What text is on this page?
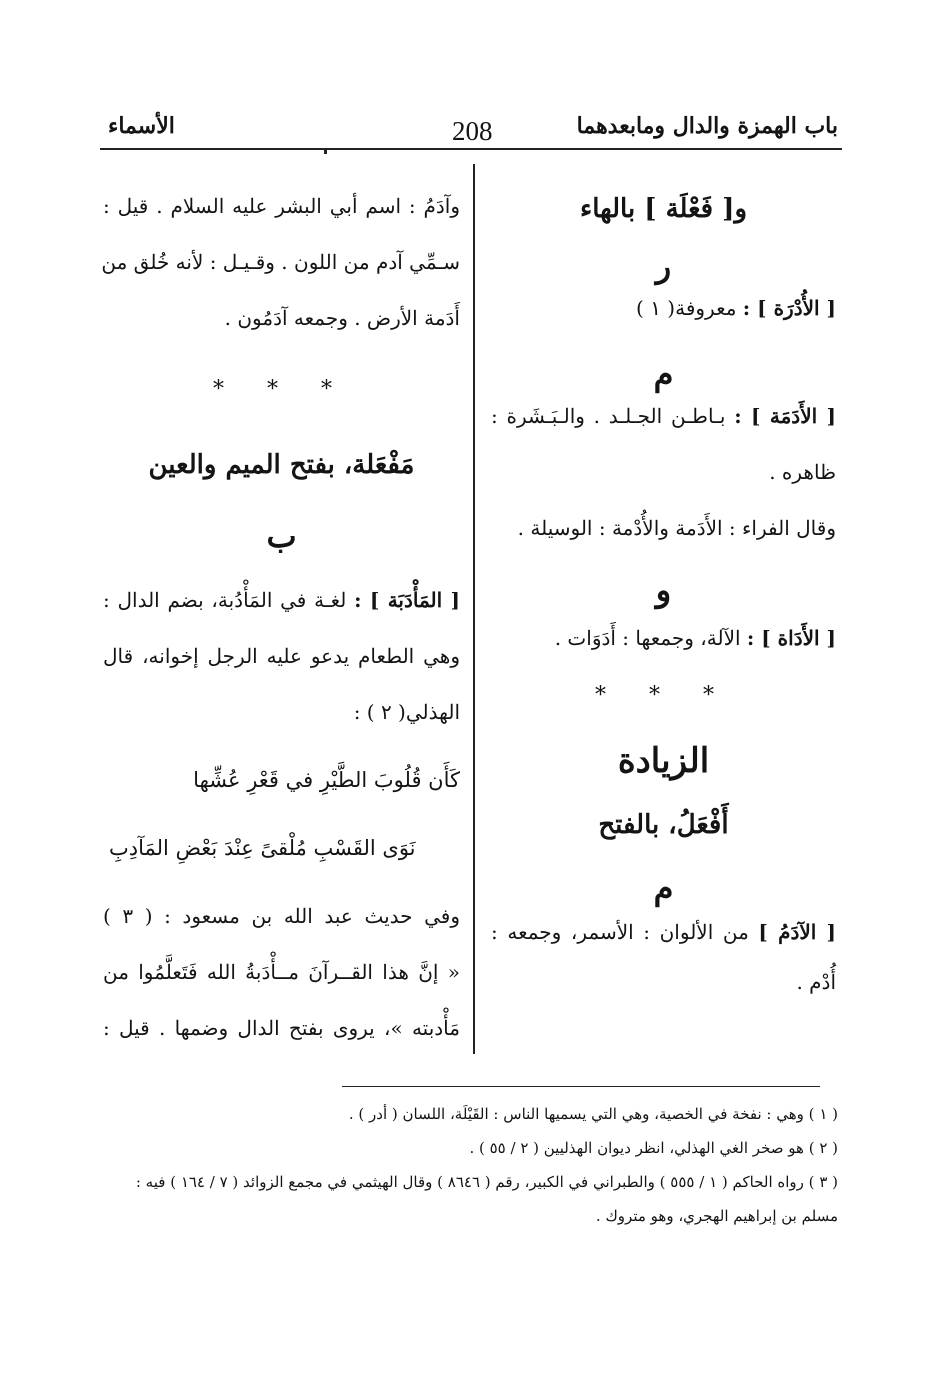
باب الهمزة والدال ومابعدهما
208
الأسماء
و[ فَعْلَة ] بالهاء
ر
[ الأُدْرَة ] : معروفة( ١ )
م
[ الأَدَمَة ] : بـاطـن الجـلـد . والـبَـشَرة :
ظاهره .
وقال الفراء : الأَدَمة والأُدْمة : الوسيلة .
و
[ الأَدَاة ] : الآلة، وجمعها : أَدَوَات .
* * *
الزيادة
أَفْعَلُ، بالفتح
م
[ الآدَمُ ] من الألوان : الأسمر، وجمعه :
أُدْم .
وآدَمُ : اسم أبي البشر عليه السلام . قيل :
سـمِّي آدم من اللون . وقـيـل : لأنه خُلق من
أَدَمة الأرض . وجمعه آدَمُون .
* * *
مَفْعَلة، بفتح الميم والعين
ب
[ المَأْدَبَة ] : لغـة في المَأْدُبة، بضم الدال :
وهي الطعام يدعو عليه الرجل إخوانه، قال
الهذلي( ٢ ) :
كَأَن قُلُوبَ الطَّيْرِ في قَعْرِ عُشِّها
نَوَى القَسْبِ مُلْقىً عِنْدَ بَعْضِ المَآدِبِ
وفي حديث عبد الله بن مسعود : ( ٣ )
« إنَّ هذا القــرآنَ مــأْدَبةُ الله فَتَعلَّمُوا من
مَأْدبته »، يروى بفتح الدال وضمها . قيل :
( ١ ) وهي : نفخة في الخصية، وهي التي يسميها الناس : القَيْلَة، اللسان ( أدر ) .
( ٢ ) هو صخر الغي الهذلي، انظر ديوان الهذليين ( ٢ / ٥٥ ) .
( ٣ ) رواه الحاكم ( ١ / ٥٥٥ ) والطبراني في الكبير، رقم ( ٨٦٤٦ ) وقال الهيثمي في مجمع الزوائد ( ٧ / ١٦٤ ) فيه :
مسلم بن إبراهيم الهجري، وهو متروك .
